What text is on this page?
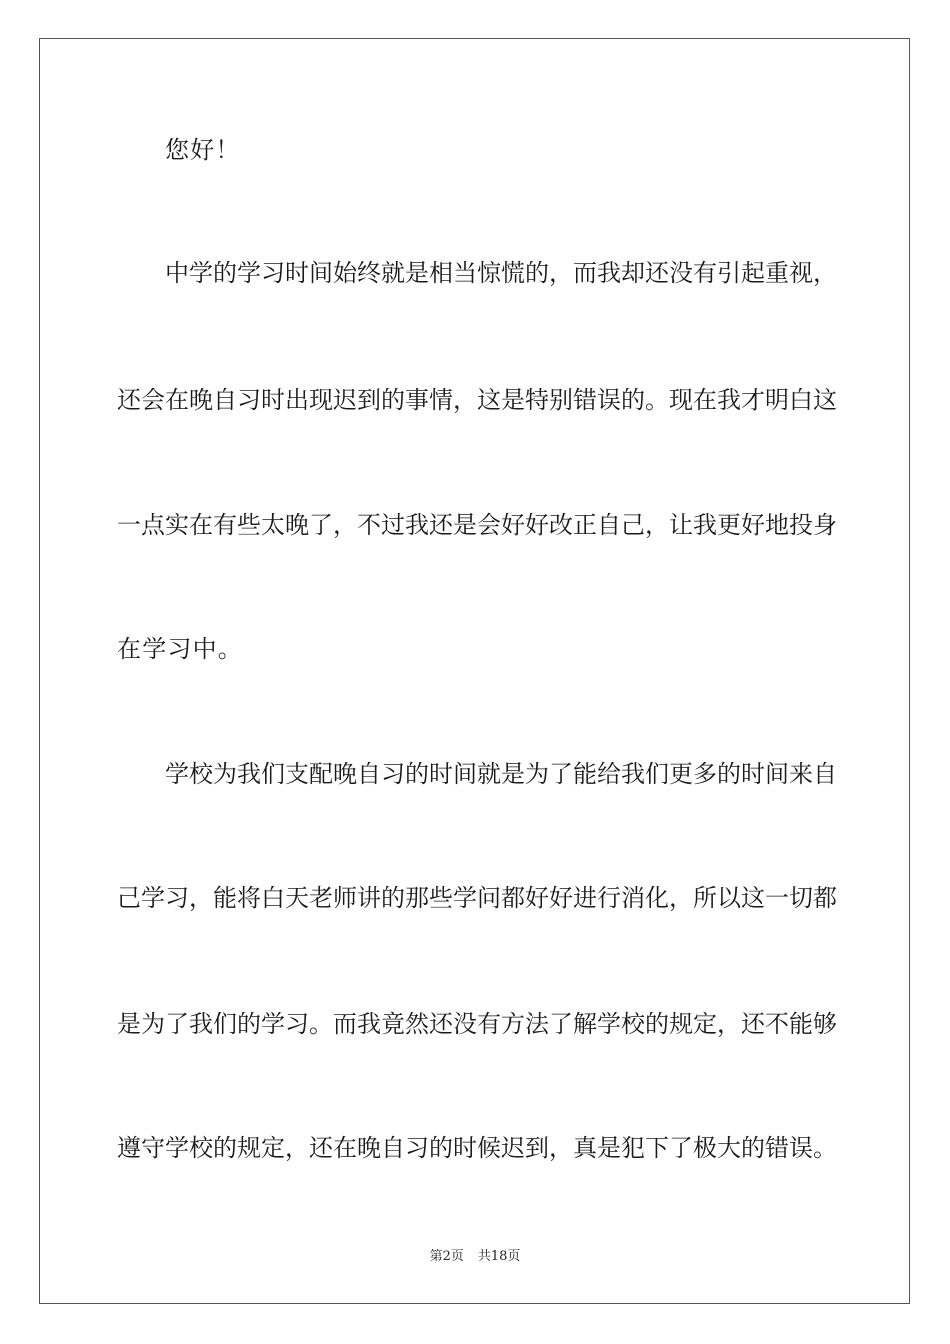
您好！
中学的学习时间始终就是相当惊慌的，而我却还没有引起重视，
还会在晚自习时出现迟到的事情，这是特别错误的。现在我才明白这
一点实在有些太晚了，不过我还是会好好改正自己，让我更好地投身
在学习中。
学校为我们支配晚自习的时间就是为了能给我们更多的时间来自
己学习，能将白天老师讲的那些学问都好好进行消化，所以这一切都
是为了我们的学习。而我竟然还没有方法了解学校的规定，还不能够
遵守学校的规定，还在晚自习的时候迟到，真是犯下了极大的错误。
第2页 共18页
